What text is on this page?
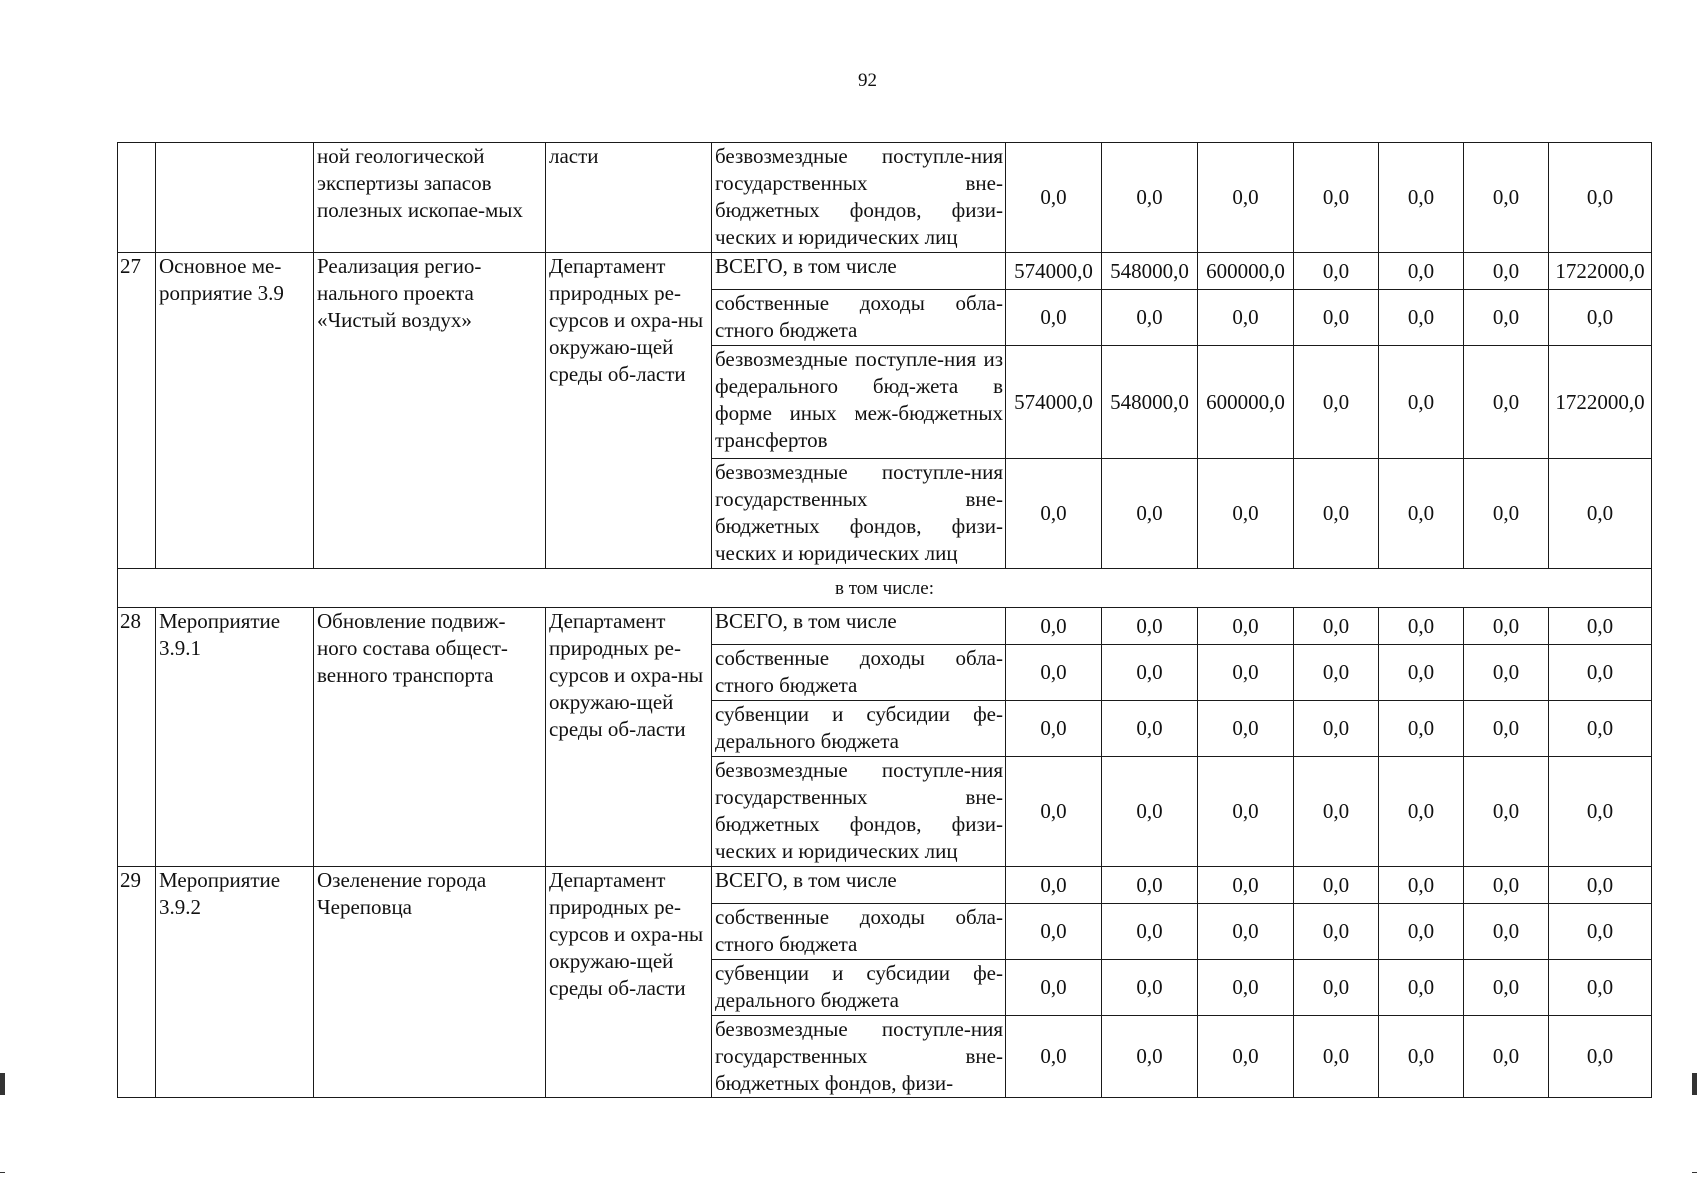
92
		ной геологической экспертизы запасов полезных ископае-мых	ласти	безвозмездные поступле-ния государственных вне-бюджетных фондов, физи-ческих и юридических лиц	0,0	0,0	0,0	0,0	0,0	0,0	0,0
27	Основное ме-роприятие 3.9	Реализация регио-нального проекта «Чистый воздух»	Департамент природных ре-сурсов и охра-ны окружаю-щей среды об-ласти	ВСЕГО, в том числе	574000,0	548000,0	600000,0	0,0	0,0	0,0	1722000,0
				собственные доходы обла-стного бюджета	0,0	0,0	0,0	0,0	0,0	0,0	0,0
				безвозмездные поступле-ния из федерального бюд-жета в форме иных меж-бюджетных трансфертов	574000,0	548000,0	600000,0	0,0	0,0	0,0	1722000,0
				безвозмездные поступле-ния государственных вне-бюджетных фондов, физи-ческих и юридических лиц	0,0	0,0	0,0	0,0	0,0	0,0	0,0
в том числе:											
28	Мероприятие 3.9.1	Обновление подвиж-ного состава общест-венного транспорта	Департамент природных ре-сурсов и охра-ны окружаю-щей среды об-ласти	ВСЕГО, в том числе	0,0	0,0	0,0	0,0	0,0	0,0	0,0
				собственные доходы обла-стного бюджета	0,0	0,0	0,0	0,0	0,0	0,0	0,0
				субвенции и субсидии фе-дерального бюджета	0,0	0,0	0,0	0,0	0,0	0,0	0,0
				безвозмездные поступле-ния государственных вне-бюджетных фондов, физи-ческих и юридических лиц	0,0	0,0	0,0	0,0	0,0	0,0	0,0
29	Мероприятие 3.9.2	Озеленение города Череповца	Департамент природных ре-сурсов и охра-ны окружаю-щей среды об-ласти	ВСЕГО, в том числе	0,0	0,0	0,0	0,0	0,0	0,0	0,0
				собственные доходы обла-стного бюджета	0,0	0,0	0,0	0,0	0,0	0,0	0,0
				субвенции и субсидии фе-дерального бюджета	0,0	0,0	0,0	0,0	0,0	0,0	0,0
				безвозмездные поступле-ния государственных вне-бюджетных фондов, физи-	0,0	0,0	0,0	0,0	0,0	0,0	0,0
